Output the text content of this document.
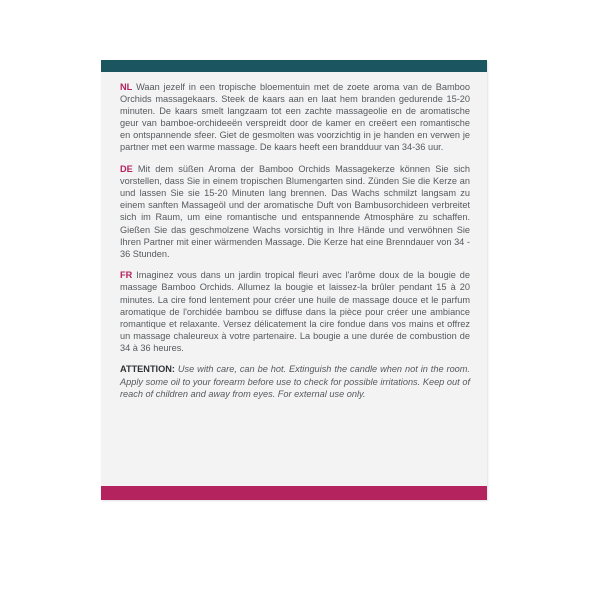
NL Waan jezelf in een tropische bloementuin met de zoete aroma van de Bamboo Orchids massagekaars. Steek de kaars aan en laat hem branden gedurende 15-20 minuten. De kaars smelt langzaam tot een zachte massageolie en de aromatische geur van bamboe-orchideeën verspreidt door de kamer en creëert een romantische en ontspannende sfeer. Giet de gesmolten was voorzichtig in je handen en verwen je partner met een warme massage. De kaars heeft een brandduur van 34-36 uur.

DE Mit dem süßen Aroma der Bamboo Orchids Massagekerze können Sie sich vorstellen, dass Sie in einem tropischen Blumengarten sind. Zünden Sie die Kerze an und lassen Sie sie 15-20 Minuten lang brennen. Das Wachs schmilzt langsam zu einem sanften Massageöl und der aromatische Duft von Bambusorchideen verbreitet sich im Raum, um eine romantische und entspannende Atmosphäre zu schaffen. Gießen Sie das geschmolzene Wachs vorsichtig in Ihre Hände und verwöhnen Sie Ihren Partner mit einer wärmenden Massage. Die Kerze hat eine Brenndauer von 34 - 36 Stunden.

FR Imaginez vous dans un jardin tropical fleuri avec l'arôme doux de la bougie de massage Bamboo Orchids. Allumez la bougie et laissez-la brûler pendant 15 à 20 minutes. La cire fond lentement pour créer une huile de massage douce et le parfum aromatique de l'orchidée bambou se diffuse dans la pièce pour créer une ambiance romantique et relaxante. Versez délicatement la cire fondue dans vos mains et offrez un massage chaleureux à votre partenaire. La bougie a une durée de combustion de 34 à 36 heures.

ATTENTION: Use with care, can be hot. Extinguish the candle when not in the room. Apply some oil to your forearm before use to check for possible irritations. Keep out of reach of children and away from eyes. For external use only.
